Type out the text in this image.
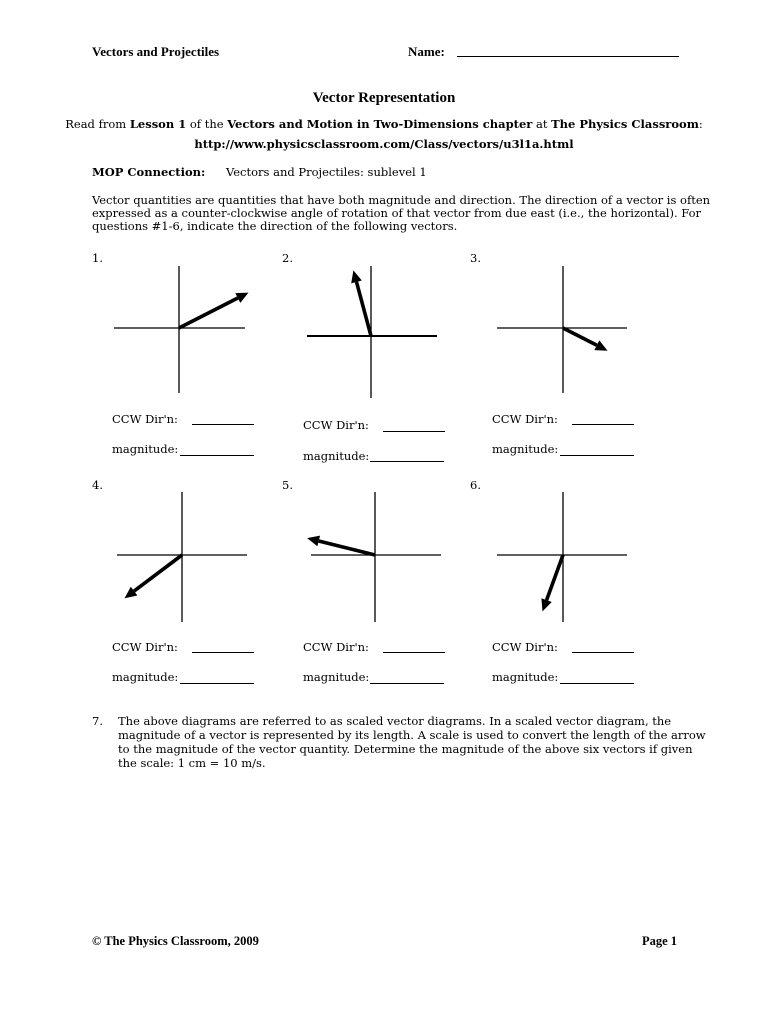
Vectors and Projectiles	Name:
Vector Representation
Read from Lesson 1 of the Vectors and Motion in Two-Dimensions chapter at The Physics Classroom:
http://www.physicsclassroom.com/Class/vectors/u3l1a.html
MOP Connection: Vectors and Projectiles: sublevel 1
Vector quantities are quantities that have both magnitude and direction. The direction of a vector is often
expressed as a counter-clockwise angle of rotation of that vector from due east (i.e., the horizontal). For
questions #1-6, indicate the direction of the following vectors.
1.	2.	3.
4.	5.	6.
CCW Dir'n:
magnitude:
CCW Dir'n:
magnitude:
CCW Dir'n:
magnitude:
CCW Dir'n:
magnitude:
CCW Dir'n:
magnitude:
CCW Dir'n:
magnitude:
7. The above diagrams are referred to as scaled vector diagrams. In a scaled vector diagram, the
magnitude of a vector is represented by its length. A scale is used to convert the length of the arrow
to the magnitude of the vector quantity. Determine the magnitude of the above six vectors if given
the scale: 1 cm = 10 m/s.
© The Physics Classroom, 2009	Page 1
